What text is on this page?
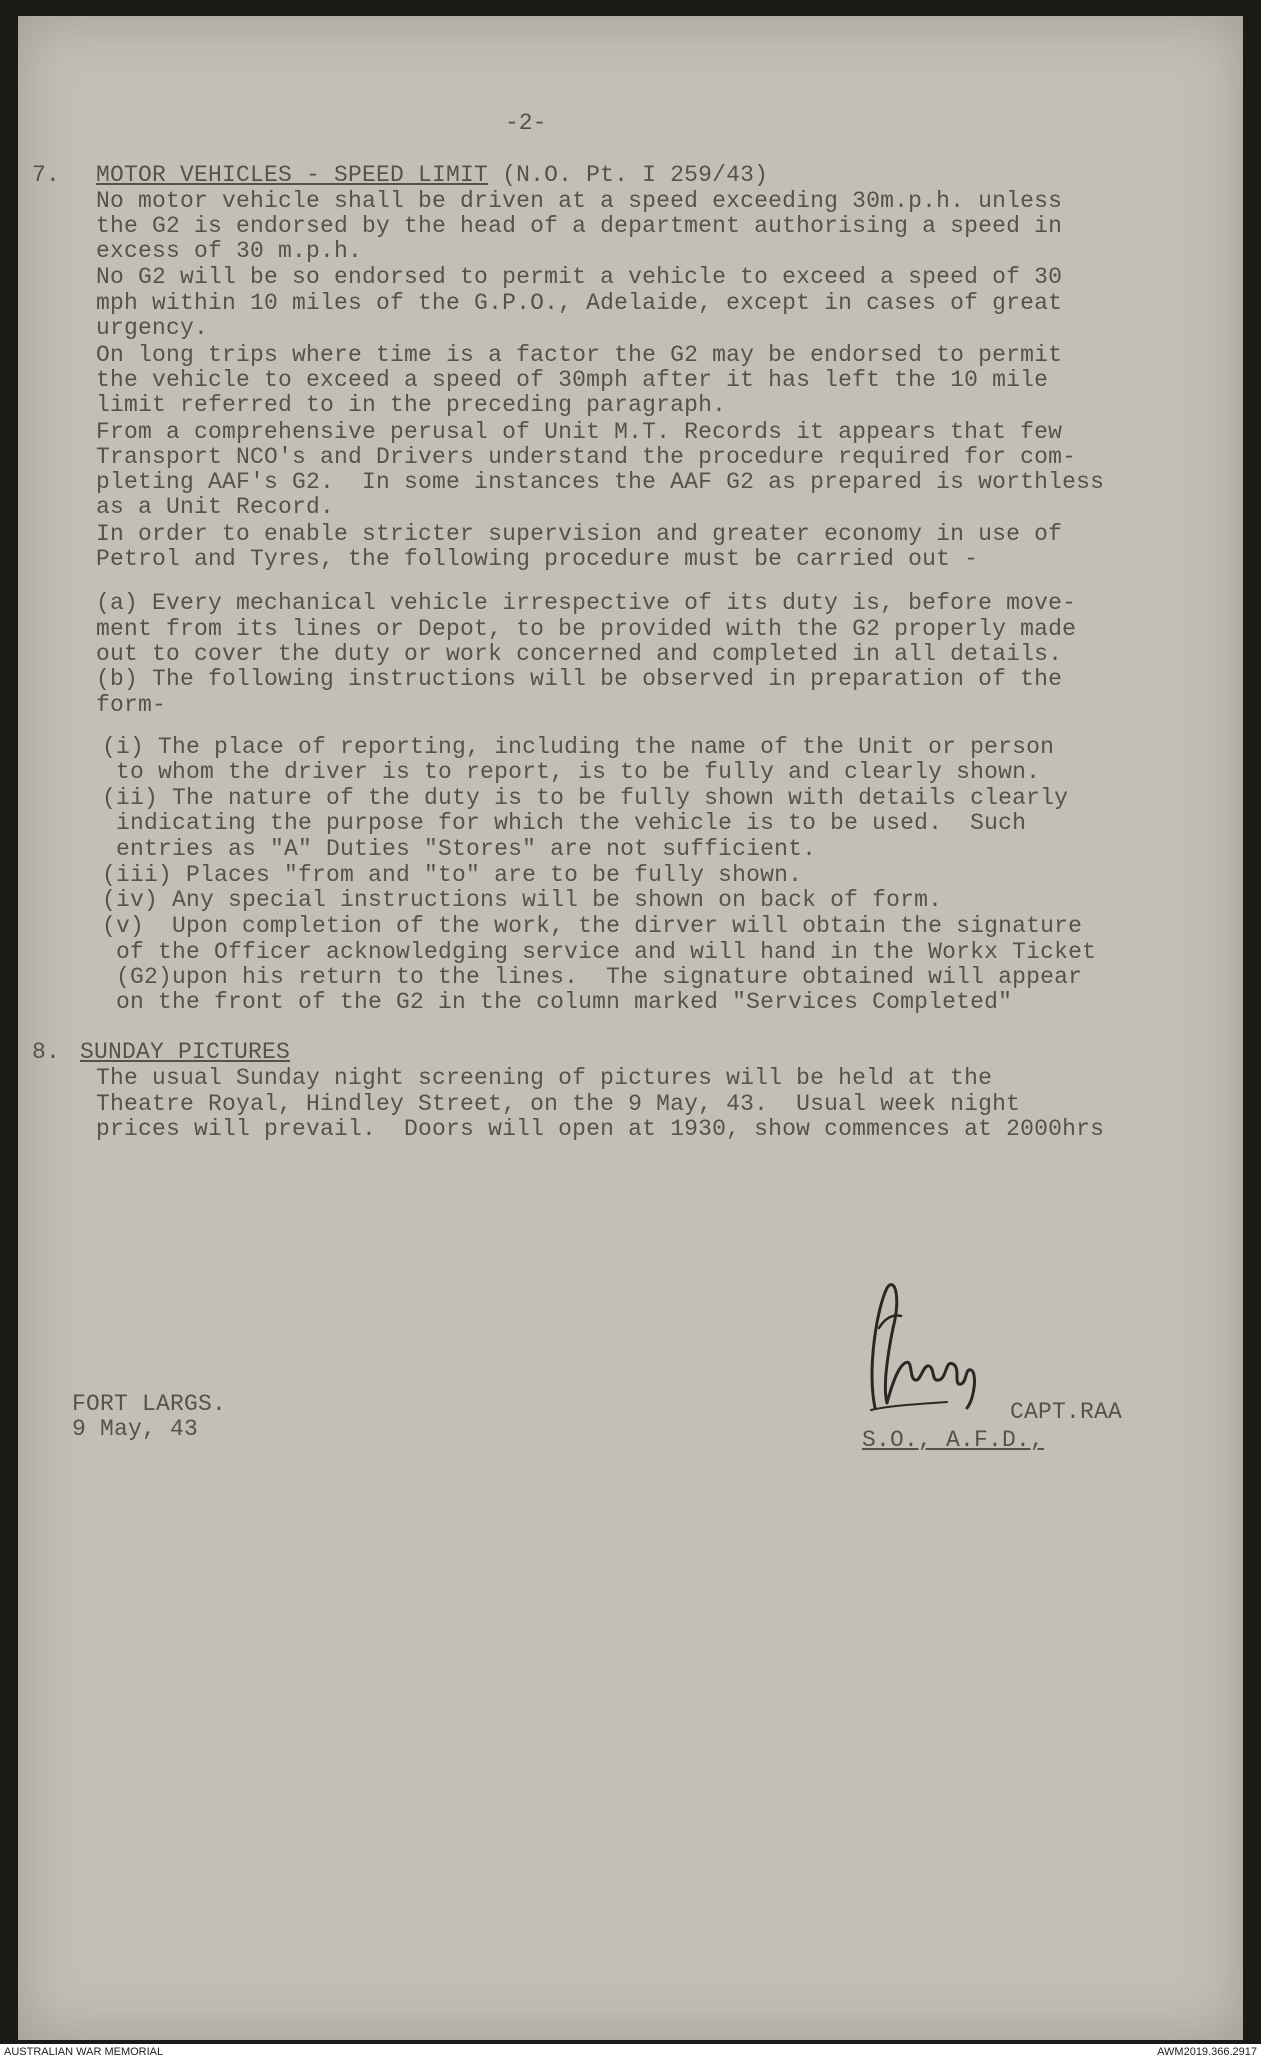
-2-
7. MOTOR VEHICLES - SPEED LIMIT (N.O. Pt. I 259/43)
No motor vehicle shall be driven at a speed exceeding 30m.p.h. unless
the G2 is endorsed by the head of a department authorising a speed in
excess of 30 m.p.h.
No G2 will be so endorsed to permit a vehicle to exceed a speed of 30
mph within 10 miles of the G.P.O., Adelaide, except in cases of great
urgency.
On long trips where time is a factor the G2 may be endorsed to permit
the vehicle to exceed a speed of 30mph after it has left the 10 mile
limit referred to in the preceding paragraph.
From a comprehensive perusal of Unit M.T. Records it appears that few
Transport NCO's and Drivers understand the procedure required for com-
pleting AAF's G2.  In some instances the AAF G2 as prepared is worthless
as a Unit Record.
In order to enable stricter supervision and greater economy in use of
Petrol and Tyres, the following procedure must be carried out -
(a) Every mechanical vehicle irrespective of its duty is, before move-
ment from its lines or Depot, to be provided with the G2 properly made
out to cover the duty or work concerned and completed in all details.
(b) The following instructions will be observed in preparation of the
form-
(i) The place of reporting, including the name of the Unit or person
to whom the driver is to report, is to be fully and clearly shown.
(ii) The nature of the duty is to be fully shown with details clearly
indicating the purpose for which the vehicle is to be used.  Such
entries as "A" Duties "Stores" are not sufficient.
(iii) Places "from and "to" are to be fully shown.
(iv) Any special instructions will be shown on back of form.
(v)  Upon completion of the work, the dirver will obtain the signature
of the Officer acknowledging service and will hand in the Workx Ticket
(G2)upon his return to the lines.  The signature obtained will appear
on the front of the G2 in the column marked "Services Completed"
8. SUNDAY PICTURES
The usual Sunday night screening of pictures will be held at the
Theatre Royal, Hindley Street, on the 9 May, 43.  Usual week night
prices will prevail.  Doors will open at 1930, show commences at 2000hrs
FORT LARGS.
9 May, 43
CAPT.RAA
S.O., A.F.D.,
AUSTRALIAN WAR MEMORIAL	AWM2019.366.2917
